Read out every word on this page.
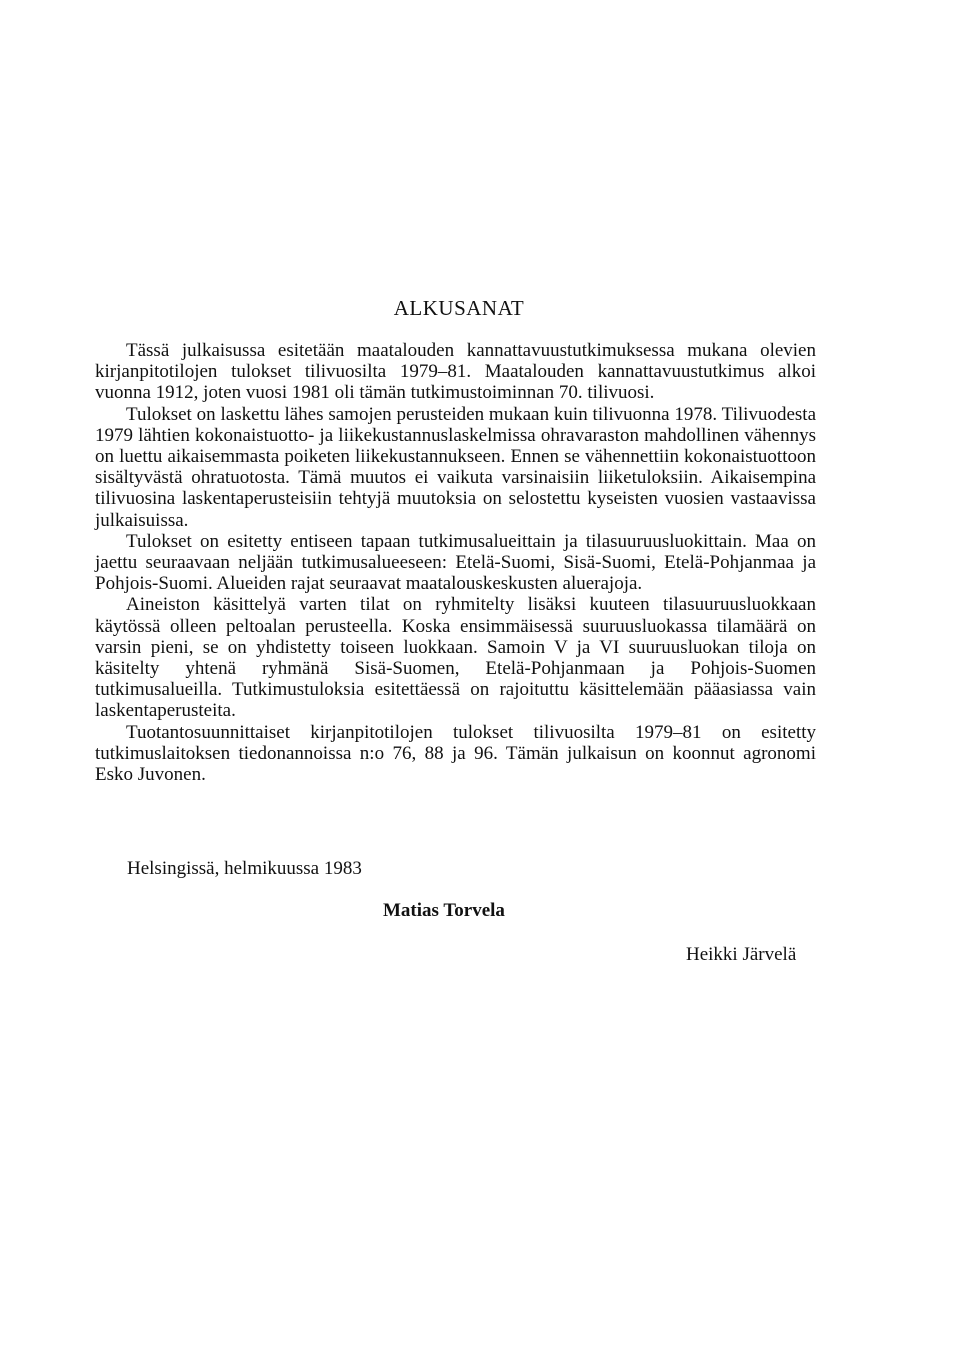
ALKUSANAT

Tässä julkaisussa esitetään maatalouden kannattavuustutkimuksessa mukana olevien kirjanpitotilojen tulokset tilivuosilta 1979–81. Maatalouden kannattavuustutkimus alkoi vuonna 1912, joten vuosi 1981 oli tämän tutkimustoiminnan 70. tilivuosi.

Tulokset on laskettu lähes samojen perusteiden mukaan kuin tilivuonna 1978. Tilivuodesta 1979 lähtien kokonaistuotto- ja liikekustannuslaskelmissa ohravaraston mahdollinen vähennys on luettu aikaisemmasta poiketen liikekustannukseen. Ennen se vähennettiin kokonaistuottoon sisältyvästä ohratuotosta. Tämä muutos ei vaikuta varsinaisiin liiketuloksiin. Aikaisempina tilivuosina laskentaperusteisiin tehtyjä muutoksia on selostettu kyseisten vuosien vastaavissa julkaisuissa.

Tulokset on esitetty entiseen tapaan tutkimusalueittain ja tilasuuruusluokittain. Maa on jaettu seuraavaan neljään tutkimusalueeseen: Etelä-Suomi, Sisä-Suomi, Etelä-Pohjanmaa ja Pohjois-Suomi. Alueiden rajat seuraavat maatalouskeskusten aluerajoja.

Aineiston käsittelyä varten tilat on ryhmitelty lisäksi kuuteen tilasuuruusluokkaan käytössä olleen peltoalan perusteella. Koska ensimmäisessä suuruusluokassa tilamäärä on varsin pieni, se on yhdistetty toiseen luokkaan. Samoin V ja VI suuruusluokan tiloja on käsitelty yhtenä ryhmänä Sisä-Suomen, Etelä-Pohjanmaan ja Pohjois-Suomen tutkimusalueilla. Tutkimustuloksia esitettäessä on rajoituttu käsittelemään pääasiassa vain laskentaperusteita.

Tuotantosuunnittaiset kirjanpitotilojen tulokset tilivuosilta 1979–81 on esitetty tutkimuslaitoksen tiedonannoissa n:o 76, 88 ja 96. Tämän julkaisun on koonnut agronomi Esko Juvonen.

Helsingissä, helmikuussa 1983

Matias Torvela

Heikki Järvelä
